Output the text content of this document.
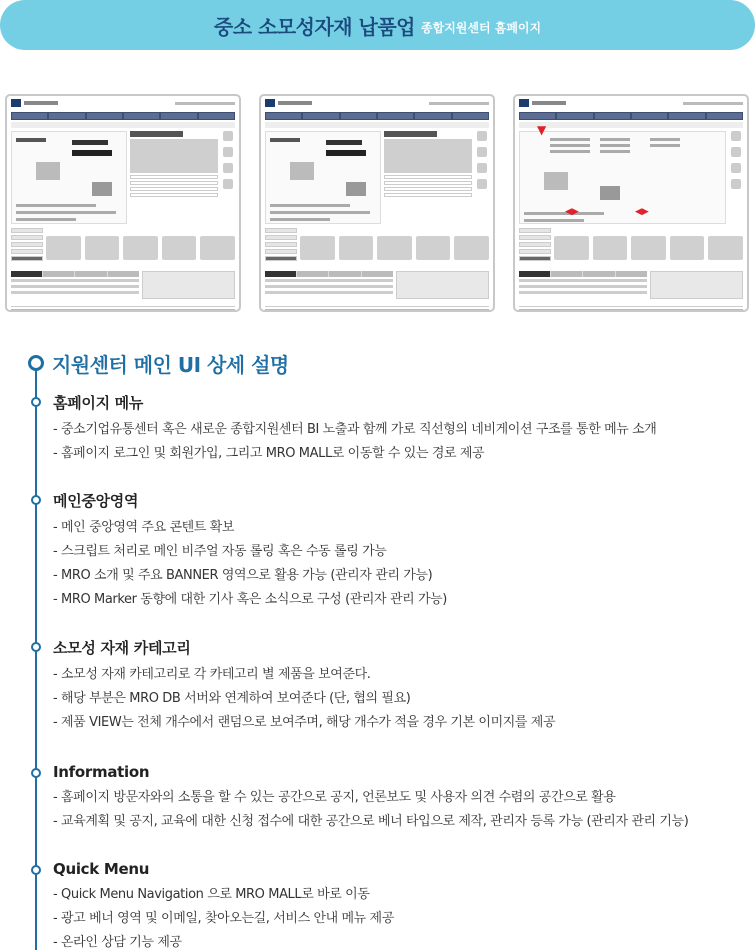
중소 소모성자재 납품업 종합지원센터 홈페이지
▼
◀▶	◀▶
지원센터 메인 UI 상세 설명
홈페이지 메뉴

- 중소기업유통센터 혹은 새로운 종합지원센터 BI 노출과 함께 가로 직선형의 네비게이션 구조를 통한 메뉴 소개

- 홈페이지 로그인 및 회원가입, 그리고 MRO MALL로 이동할 수 있는 경로 제공

메인중앙영역

- 메인 중앙영역 주요 콘텐트 확보

- 스크립트 처리로 메인 비주얼 자동 롤링 혹은 수동 롤링 가능

- MRO 소개 및 주요 BANNER 영역으로 활용 가능 (관리자 관리 가능)

- MRO Marker 동향에 대한 기사 혹은 소식으로 구성 (관리자 관리 가능)

소모성 자재 카테고리

- 소모성 자재 카테고리로 각 카테고리 별 제품을 보여준다.

- 해당 부분은 MRO DB 서버와 연계하여 보여준다 (단, 협의 필요)

- 제품 VIEW는 전체 개수에서 랜덤으로 보여주며, 해당 개수가 적을 경우 기본 이미지를 제공

Information

- 홈페이지 방문자와의 소통을 할 수 있는 공간으로 공지, 언론보도 및 사용자 의견 수렴의 공간으로 활용

- 교육계획 및 공지, 교육에 대한 신청 접수에 대한 공간으로 베너 타입으로 제작, 관리자 등록 가능 (관리자 관리 기능)

Quick Menu

- Quick Menu Navigation 으로 MRO MALL로 바로 이동

- 광고 베너 영역 및 이메일, 찾아오는길, 서비스 안내 메뉴 제공

- 온라인 상담 기능 제공
